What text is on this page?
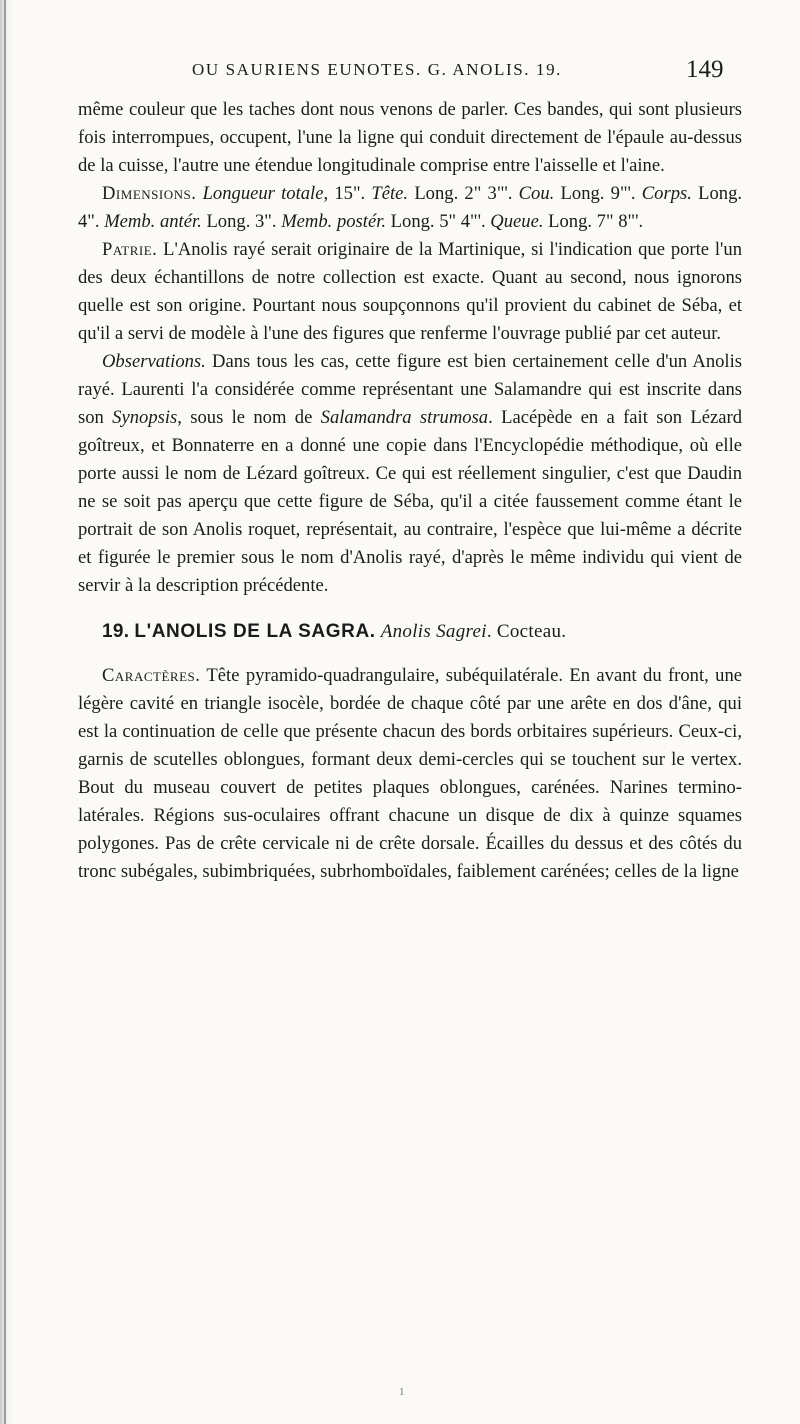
OU SAURIENS EUNOTES. G. ANOLIS. 19.	149

même couleur que les taches dont nous venons de parler. Ces bandes, qui sont plusieurs fois interrompues, occupent, l'une la ligne qui conduit directement de l'épaule au-dessus de la cuisse, l'autre une étendue longitudinale comprise entre l'aisselle et l'aine.

Dimensions. Longueur totale, 15". Tête. Long. 2" 3"'. Cou. Long. 9"'. Corps. Long. 4". Memb. antér. Long. 3". Memb. postér. Long. 5" 4"'. Queue. Long. 7" 8"'.

Patrie. L'Anolis rayé serait originaire de la Martinique, si l'indication que porte l'un des deux échantillons de notre collection est exacte. Quant au second, nous ignorons quelle est son origine. Pourtant nous soupçonnons qu'il provient du cabinet de Séba, et qu'il a servi de modèle à l'une des figures que renferme l'ouvrage publié par cet auteur.

Observations. Dans tous les cas, cette figure est bien certainement celle d'un Anolis rayé. Laurenti l'a considérée comme représentant une Salamandre qui est inscrite dans son Synopsis, sous le nom de Salamandra strumosa. Lacépède en a fait son Lézard goîtreux, et Bonnaterre en a donné une copie dans l'Encyclopédie méthodique, où elle porte aussi le nom de Lézard goîtreux. Ce qui est réellement singulier, c'est que Daudin ne se soit pas aperçu que cette figure de Séba, qu'il a citée faussement comme étant le portrait de son Anolis roquet, représentait, au contraire, l'espèce que lui-même a décrite et figurée le premier sous le nom d'Anolis rayé, d'après le même individu qui vient de servir à la description précédente.

19. L'ANOLIS DE LA SAGRA. Anolis Sagrei. Cocteau.

Caractères. Tête pyramido-quadrangulaire, subéquilatérale. En avant du front, une légère cavité en triangle isocèle, bordée de chaque côté par une arête en dos d'âne, qui est la continuation de celle que présente chacun des bords orbitaires supérieurs. Ceux-ci, garnis de scutelles oblongues, formant deux demi-cercles qui se touchent sur le vertex. Bout du museau couvert de petites plaques oblongues, carénées. Narines termino-latérales. Régions sus-oculaires offrant chacune un disque de dix à quinze squames polygones. Pas de crête cervicale ni de crête dorsale. Écailles du dessus et des côtés du tronc subégales, subimbriquées, subrhomboïdales, faiblement carénées; celles de la ligne

1
